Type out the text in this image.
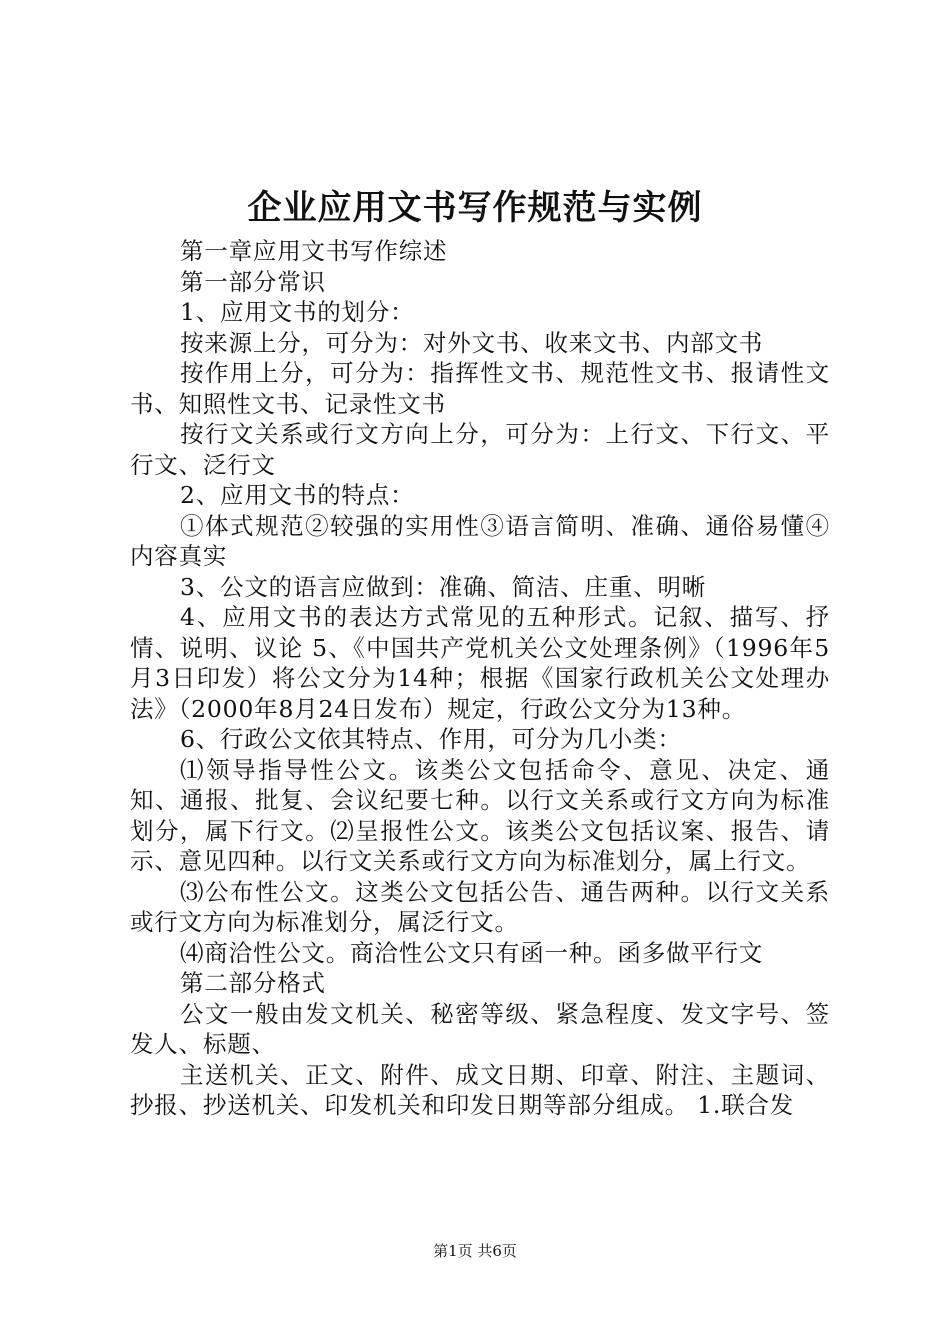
企业应用文书写作规范与实例

第一章应用文书写作综述

第一部分常识

1、应用文书的划分：

按来源上分，可分为：对外文书、收来文书、内部文书

按作用上分，可分为：指挥性文书、规范性文书、报请性文书、知照性文书、记录性文书

按行文关系或行文方向上分，可分为：上行文、下行文、平行文、泛行文

2、应用文书的特点：

①体式规范②较强的实用性③语言简明、准确、通俗易懂④内容真实

3、公文的语言应做到：准确、简洁、庄重、明晰

4、应用文书的表达方式常见的五种形式。记叙、描写、抒情、说明、议论 5、《中国共产党机关公文处理条例》（1996年5月3日印发）将公文分为14种；根据《国家行政机关公文处理办法》（2000年8月24日发布）规定，行政公文分为13种。

6、行政公文依其特点、作用，可分为几小类：

⑴领导指导性公文。该类公文包括命令、意见、决定、通知、通报、批复、会议纪要七种。以行文关系或行文方向为标准划分，属下行文。⑵呈报性公文。该类公文包括议案、报告、请示、意见四种。以行文关系或行文方向为标准划分，属上行文。

⑶公布性公文。这类公文包括公告、通告两种。以行文关系或行文方向为标准划分，属泛行文。

⑷商洽性公文。商洽性公文只有函一种。函多做平行文

第二部分格式

公文一般由发文机关、秘密等级、紧急程度、发文字号、签发人、标题、

主送机关、正文、附件、成文日期、印章、附注、主题词、抄报、抄送机关、印发机关和印发日期等部分组成。 1.联合发

第1页 共6页
